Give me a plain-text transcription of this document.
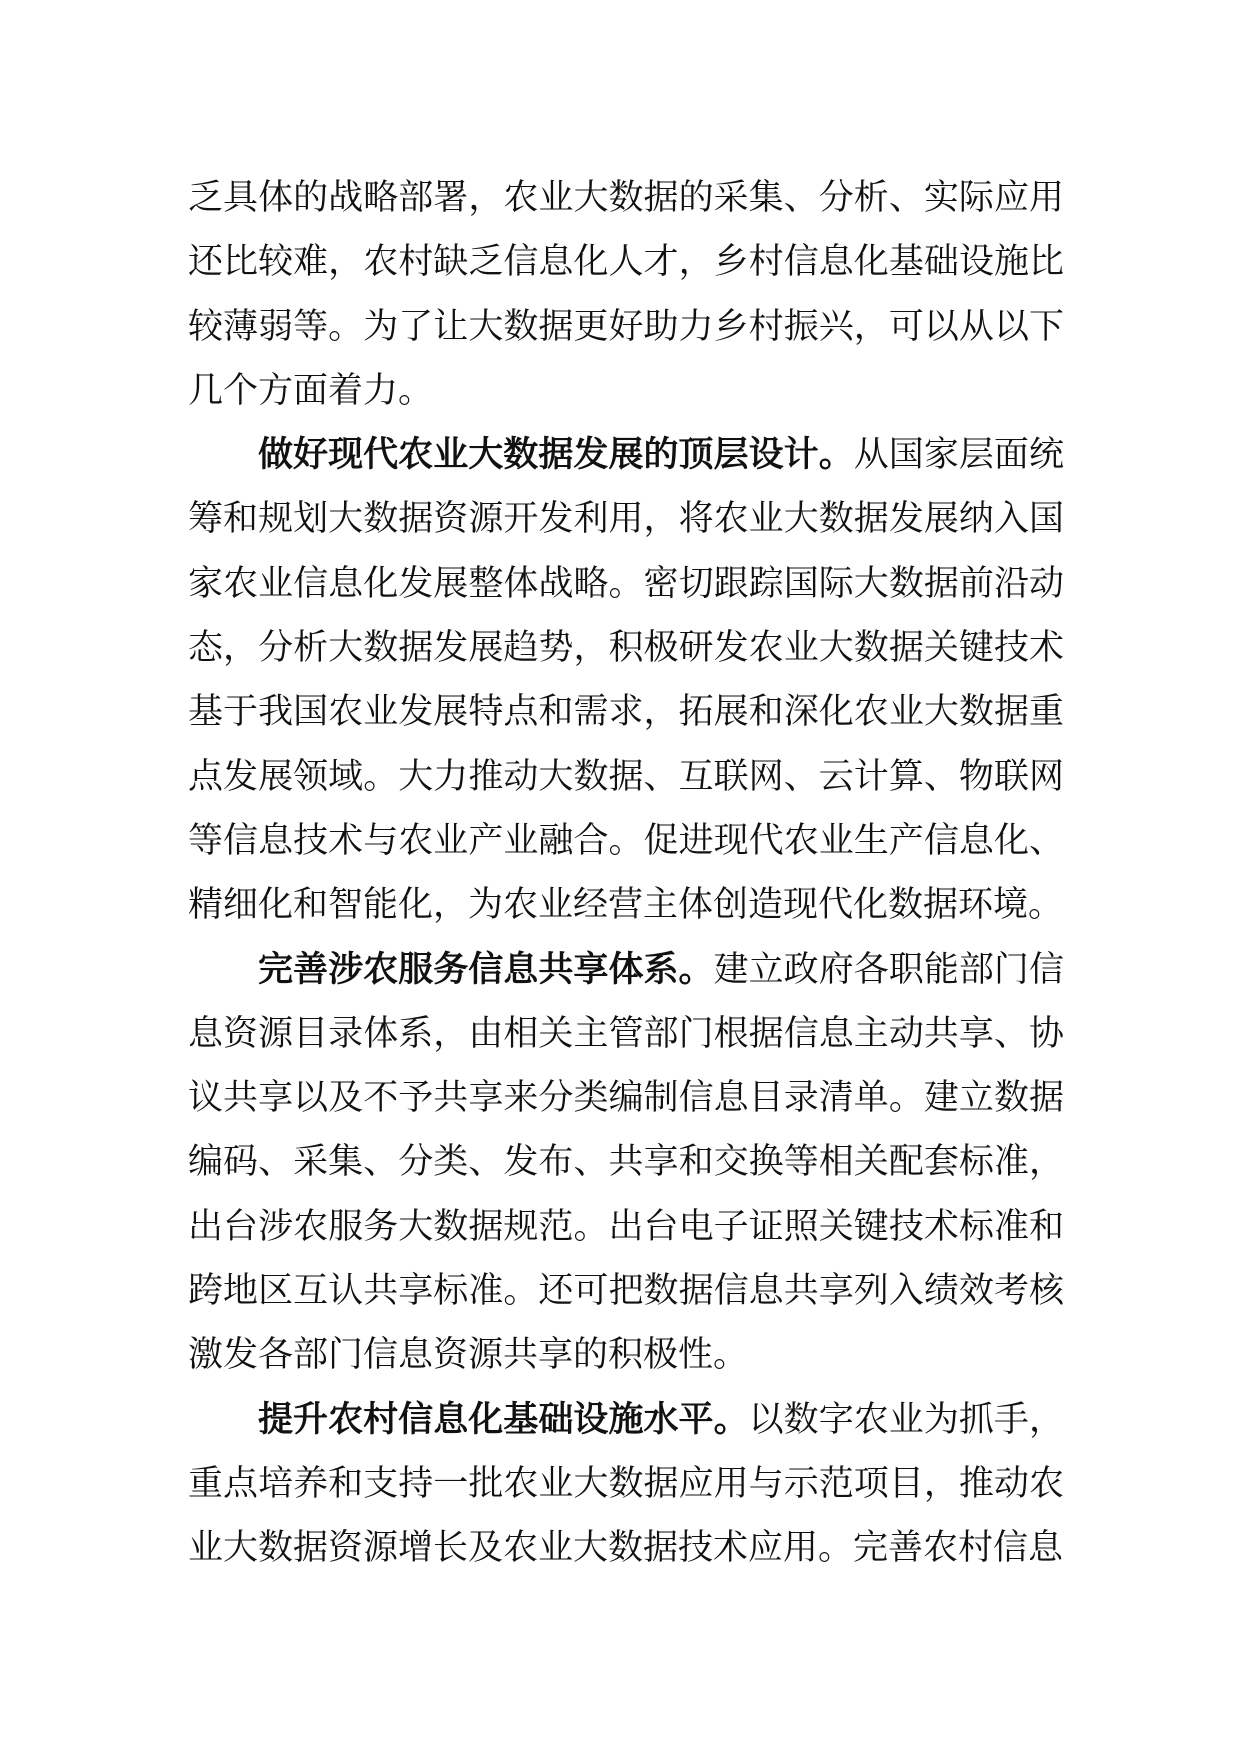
乏具体的战略部署，农业大数据的采集、分析、实际应用还比较难，农村缺乏信息化人才，乡村信息化基础设施比较薄弱等。为了让大数据更好助力乡村振兴，可以从以下几个方面着力。

做好现代农业大数据发展的顶层设计。从国家层面统筹和规划大数据资源开发利用，将农业大数据发展纳入国家农业信息化发展整体战略。密切跟踪国际大数据前沿动态，分析大数据发展趋势，积极研发农业大数据关键技术基于我国农业发展特点和需求，拓展和深化农业大数据重点发展领域。大力推动大数据、互联网、云计算、物联网等信息技术与农业产业融合。促进现代农业生产信息化、精细化和智能化，为农业经营主体创造现代化数据环境。

完善涉农服务信息共享体系。建立政府各职能部门信息资源目录体系，由相关主管部门根据信息主动共享、协议共享以及不予共享来分类编制信息目录清单。建立数据编码、采集、分类、发布、共享和交换等相关配套标准，出台涉农服务大数据规范。出台电子证照关键技术标准和跨地区互认共享标准。还可把数据信息共享列入绩效考核激发各部门信息资源共享的积极性。

提升农村信息化基础设施水平。以数字农业为抓手，重点培养和支持一批农业大数据应用与示范项目，推动农业大数据资源增长及农业大数据技术应用。完善农村信息
